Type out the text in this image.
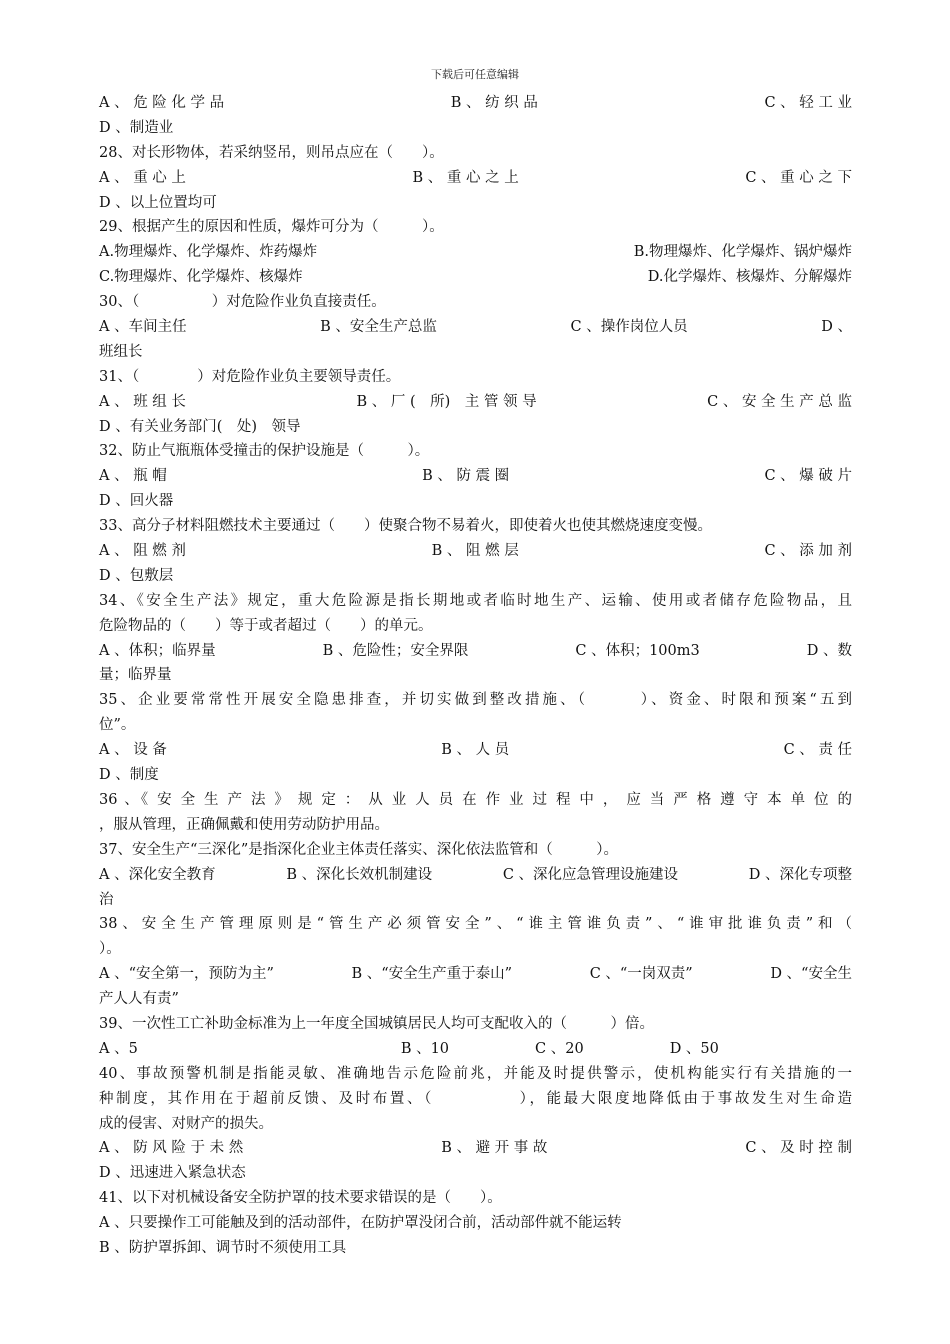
下载后可任意编辑
A 、 危 险 化 学 品	B 、 纺 织 品	C 、 轻 工 业
D 、制造业
28、对长形物体，若采纳竖吊，则吊点应在（　　）。
A 、 重 心 上	B 、 重 心 之 上	C 、 重 心 之 下
D 、以上位置均可
29、根据产生的原因和性质，爆炸可分为（　　　）。
A.物理爆炸、化学爆炸、炸药爆炸	B.物理爆炸、化学爆炸、锅炉爆炸
C.物理爆炸、化学爆炸、核爆炸	D.化学爆炸、核爆炸、分解爆炸
30、（　　　　　）对危险作业负直接责任。
A 、车间主任	B 、安全生产总监	C 、操作岗位人员	D 、
班组长
31、（　　　　）对危险作业负主要领导责任。
A 、 班 组 长	B 、 厂 (　所)　主 管 领 导	C 、 安 全 生 产 总 监
D 、有关业务部门(　处)　领导
32、防止气瓶瓶体受撞击的保护设施是（　　　）。
A 、 瓶 帽	B 、 防 震 圈	C 、 爆 破 片
D 、回火器
33、高分子材料阻燃技术主要通过（　　）使聚合物不易着火，即使着火也使其燃烧速度变慢。
A 、 阻 燃 剂	B 、 阻 燃 层	C 、 添 加 剂
D 、包敷层
34、《安全生产法》规定，重大危险源是指长期地或者临时地生产、运输、使用或者储存危险物品，且
危险物品的（　　）等于或者超过（　　）的单元。
A 、体积；临界量	B 、危险性；安全界限	C 、体积；100m3	D 、数
量；临界量
35、企业要常常性开展安全隐患排查，并切实做到整改措施、（　　　）、资金、时限和预案“五到
位”。
A 、 设 备	B 、 人 员	C 、 责 任
D 、制度
36 、《 安 全 生 产 法 》 规 定 ： 从 业 人 员 在 作 业 过 程 中 ， 应 当 严 格 遵 守 本 单 位 的
，服从管理，正确佩戴和使用劳动防护用品。
37、安全生产“三深化”是指深化企业主体责任落实、深化依法监管和（　　　）。
A 、深化安全教育	B 、深化长效机制建设	C 、深化应急管理设施建设	D 、深化专项整
治
38、安全生产管理原则是“管生产必须管安全”、“谁主管谁负责”、“谁审批谁负责”和（
）。
A 、“安全第一，预防为主”	B 、“安全生产重于泰山”	C 、“一岗双责”	D 、“安全生
产人人有责”
39、一次性工亡补助金标准为上一年度全国城镇居民人均可支配收入的（　　　）倍。
A 、5	B 、10	C 、20	D 、50
40、事故预警机制是指能灵敏、准确地告示危险前兆，并能及时提供警示，使机构能实行有关措施的一
种制度，其作用在于超前反馈、及时布置、（　　　　　），能最大限度地降低由于事故发生对生命造
成的侵害、对财产的损失。
A 、 防 风 险 于 未 然	B 、 避 开 事 故	C 、 及 时 控 制
D 、迅速进入紧急状态
41、以下对机械设备安全防护罩的技术要求错误的是（　　）。
A 、只要操作工可能触及到的活动部件，在防护罩没闭合前，活动部件就不能运转
B 、防护罩拆卸、调节时不须使用工具
